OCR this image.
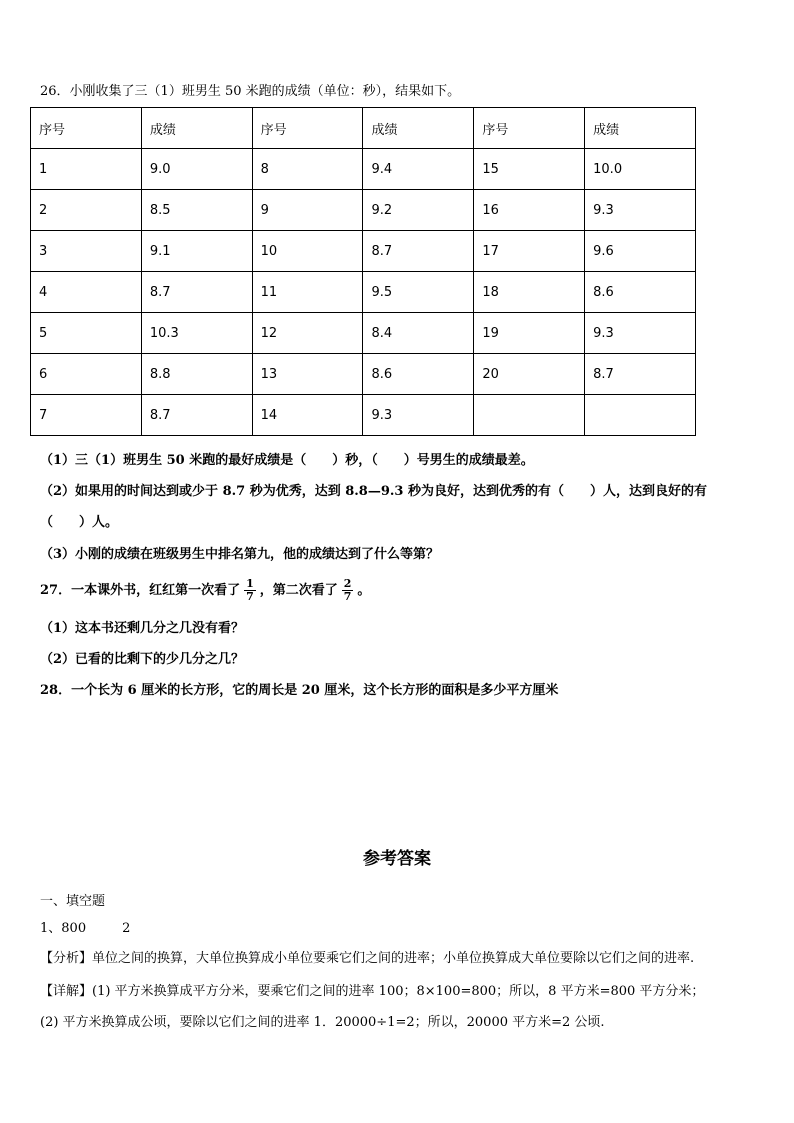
26．小刚收集了三（1）班男生 50 米跑的成绩（单位：秒），结果如下。
序号	成绩	序号	成绩	序号	成绩
1	9.0	8	9.4	15	10.0
2	8.5	9	9.2	16	9.3
3	9.1	10	8.7	17	9.6
4	8.7	11	9.5	18	8.6
5	10.3	12	8.4	19	9.3
6	8.8	13	8.6	20	8.7
7	8.7	14	9.3		
（1）三（1）班男生 50 米跑的最好成绩是（　　）秒，（　　）号男生的成绩最差。
（2）如果用的时间达到或少于 8.7 秒为优秀，达到 8.8—9.3 秒为良好，达到优秀的有（　　）人，达到良好的有
（　　）人。
（3）小刚的成绩在班级男生中排名第九，他的成绩达到了什么等第？
27．一本课外书，红红第一次看了 $\frac{1}{7}$ ，第二次看了 $\frac{2}{7}$ 。
（1）这本书还剩几分之几没有看？
（2）已看的比剩下的少几分之几？
28．一个长为 6 厘米的长方形，它的周长是 20 厘米，这个长方形的面积是多少平方厘米
参考答案
一、填空题
1、800	2
【分析】单位之间的换算，大单位换算成小单位要乘它们之间的进率；小单位换算成大单位要除以它们之间的进率.
【详解】(1) 平方米换算成平方分米，要乘它们之间的进率 100；8×100=800；所以，8 平方米=800 平方分米；
(2) 平方米换算成公顷，要除以它们之间的进率 1．20000÷1=2；所以，20000 平方米=2 公顷.
